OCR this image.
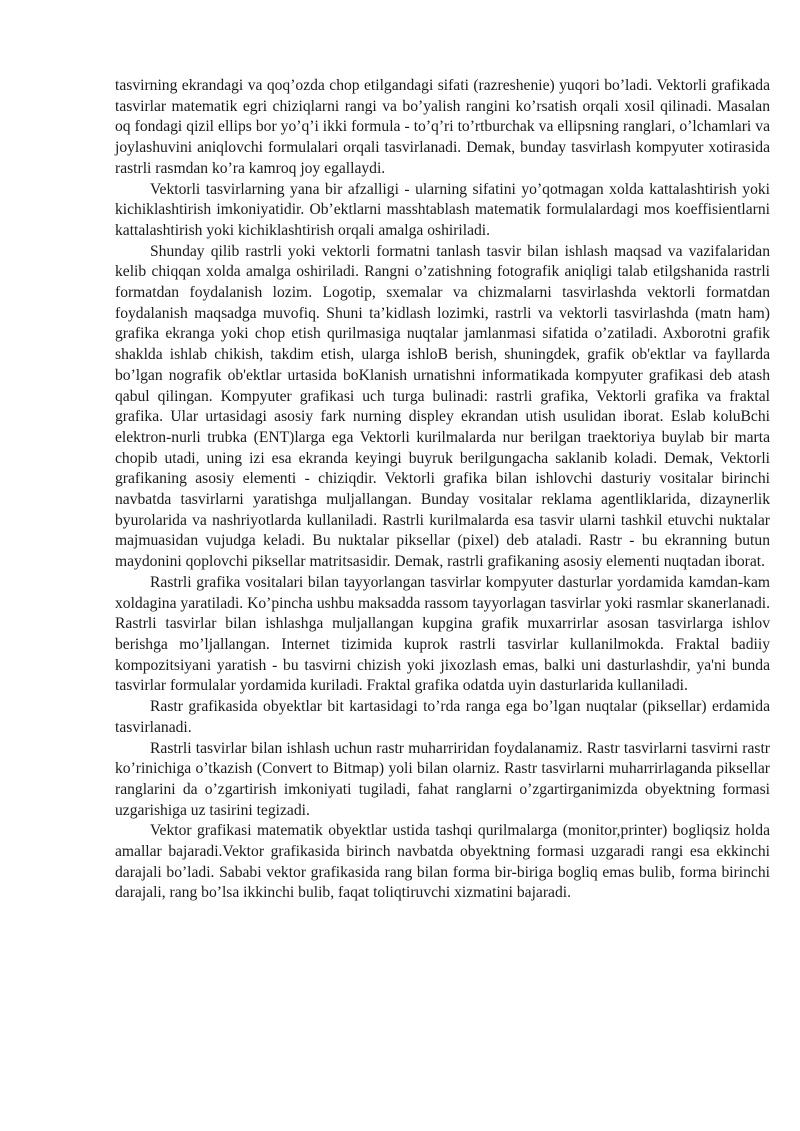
tasvirning ekrandagi va qoq’ozda chop etilgandagi sifati (razreshenie) yuqori bo’ladi. Vektorli grafikada tasvirlar matematik egri chiziqlarni rangi va bo’yalish rangini ko’rsatish orqali xosil qilinadi. Masalan oq fondagi qizil ellips bor yo’q’i ikki formula - to’q’ri to’rtburchak va ellipsning ranglari, o’lchamlari va joylashuvini aniqlovchi formulalari orqali tasvirlanadi. Demak, bunday tasvirlash kompyuter xotirasida rastrli rasmdan ko’ra kamroq joy egallaydi.

Vektorli tasvirlarning yana bir afzalligi - ularning sifatini yo’qotmagan xolda kattalashtirish yoki kichiklashtirish imkoniyatidir. Ob’ektlarni masshtablash matematik formulalardagi mos koeffisientlarni kattalashtirish yoki kichiklashtirish orqali amalga oshiriladi.

Shunday qilib rastrli yoki vektorli formatni tanlash tasvir bilan ishlash maqsad va vazifalaridan kelib chiqqan xolda amalga oshiriladi. Rangni o’zatishning fotografik aniqligi talab etilgshanida rastrli formatdan foydalanish lozim. Logotip, sxemalar va chizmalarni tasvirlashda vektorli formatdan foydalanish maqsadga muvofiq. Shuni ta’kidlash lozimki, rastrli va vektorli tasvirlashda (matn ham) grafika ekranga yoki chop etish qurilmasiga nuqtalar jamlanmasi sifatida o’zatiladi. Axborotni grafik shaklda ishlab chikish, takdim etish, ularga ishloB berish, shuningdek, grafik ob'ektlar va fayllarda bo’lgan nografik ob'ektlar urtasida boKlanish urnatishni informatikada kompyuter grafikasi deb atash qabul qilingan. Kompyuter grafikasi uch turga bulinadi: rastrli grafika, Vektorli grafika va fraktal grafika. Ular urtasidagi asosiy fark nurning displey ekrandan utish usulidan iborat. Eslab koluBchi elektron-nurli trubka (ENT)larga ega Vektorli kurilmalarda nur berilgan traektoriya buylab bir marta chopib utadi, uning izi esa ekranda keyingi buyruk berilgungacha saklanib koladi. Demak, Vektorli grafikaning asosiy elementi - chiziqdir. Vektorli grafika bilan ishlovchi dasturiy vositalar birinchi navbatda tasvirlarni yaratishga muljallangan. Bunday vositalar reklama agentliklarida, dizaynerlik byurolarida va nashriyotlarda kullaniladi. Rastrli kurilmalarda esa tasvir ularni tashkil etuvchi nuktalar majmuasidan vujudga keladi. Bu nuktalar piksellar (pixel) deb ataladi. Rastr - bu ekranning butun maydonini qoplovchi piksellar matritsasidir. Demak, rastrli grafikaning asosiy elementi nuqtadan iborat.

Rastrli grafika vositalari bilan tayyorlangan tasvirlar kompyuter dasturlar yordamida kamdan-kam xoldagina yaratiladi. Ko’pincha ushbu maksadda rassom tayyorlagan tasvirlar yoki rasmlar skanerlanadi. Rastrli tasvirlar bilan ishlashga muljallangan kupgina grafik muxarrirlar asosan tasvirlarga ishlov berishga mo’ljallangan. Internet tizimida kuprok rastrli tasvirlar kullanilmokda. Fraktal badiiy kompozitsiyani yaratish - bu tasvirni chizish yoki jixozlash emas, balki uni dasturlashdir, ya'ni bunda tasvirlar formulalar yordamida kuriladi. Fraktal grafika odatda uyin dasturlarida kullaniladi.

Rastr grafikasida obyektlar bit kartasidagi to’rda ranga ega bo’lgan nuqtalar (piksellar) erdamida tasvirlanadi.

Rastrli tasvirlar bilan ishlash uchun rastr muharriridan foydalanamiz. Rastr tasvirlarni tasvirni rastr ko’rinichiga o’tkazish (Convert to Bitmap) yoli bilan olarniz. Rastr tasvirlarni muharrirlaganda piksellar ranglarini da o’zgartirish imkoniyati tugiladi, fahat ranglarni o’zgartirganimizda obyektning formasi uzgarishiga uz tasirini tegizadi.

Vektor grafikasi matematik obyektlar ustida tashqi qurilmalarga (monitor,printer) bogliqsiz holda amallar bajaradi.Vektor grafikasida birinch navbatda obyektning formasi uzgaradi rangi esa ekkinchi darajali bo’ladi. Sababi vektor grafikasida rang bilan forma bir-biriga bogliq emas bulib, forma birinchi darajali, rang bo’lsa ikkinchi bulib, faqat toliqtiruvchi xizmatini bajaradi.
